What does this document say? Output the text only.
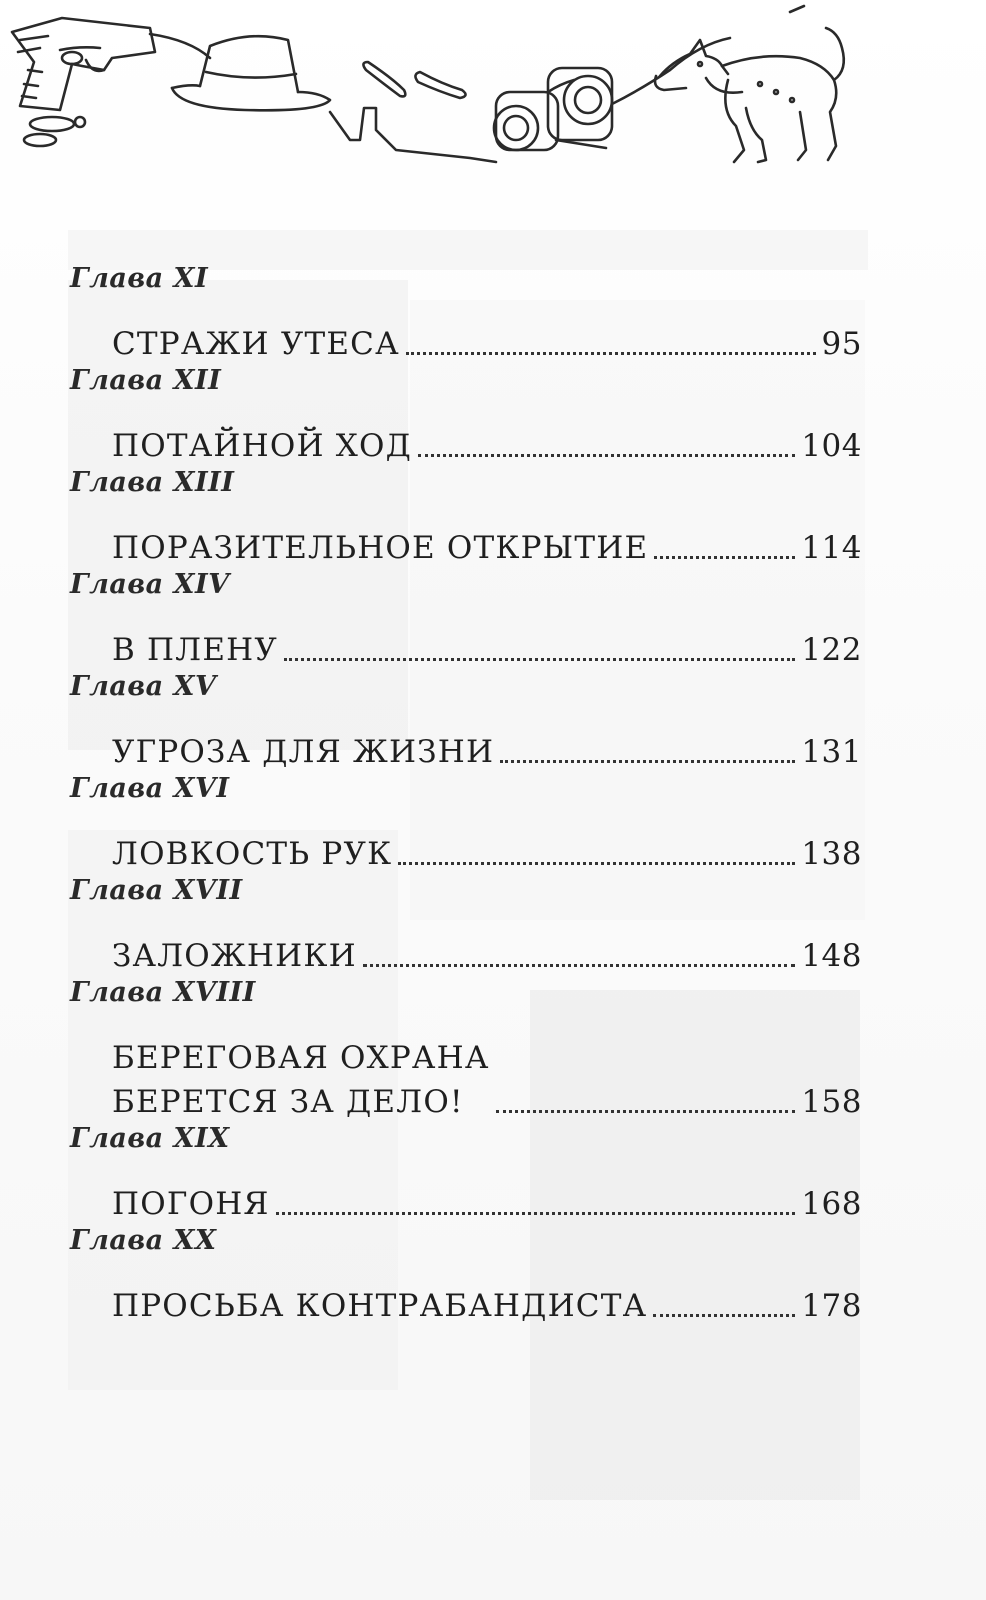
Глава XI
СТРАЖИ УТЕСА	95
Глава XII
ПОТАЙНОЙ ХОД	104
Глава XIII
ПОРАЗИТЕЛЬНОЕ ОТКРЫТИЕ	114
Глава XIV
В ПЛЕНУ	122
Глава XV
УГРОЗА ДЛЯ ЖИЗНИ	131
Глава XVI
ЛОВКОСТЬ РУК	138
Глава XVII
ЗАЛОЖНИКИ	148
Глава XVIII
БЕРЕГОВАЯ ОХРАНА
БЕРЕТСЯ ЗА ДЕЛО!	158
Глава XIX
ПОГОНЯ	168
Глава XX
ПРОСЬБА КОНТРАБАНДИСТА	178
